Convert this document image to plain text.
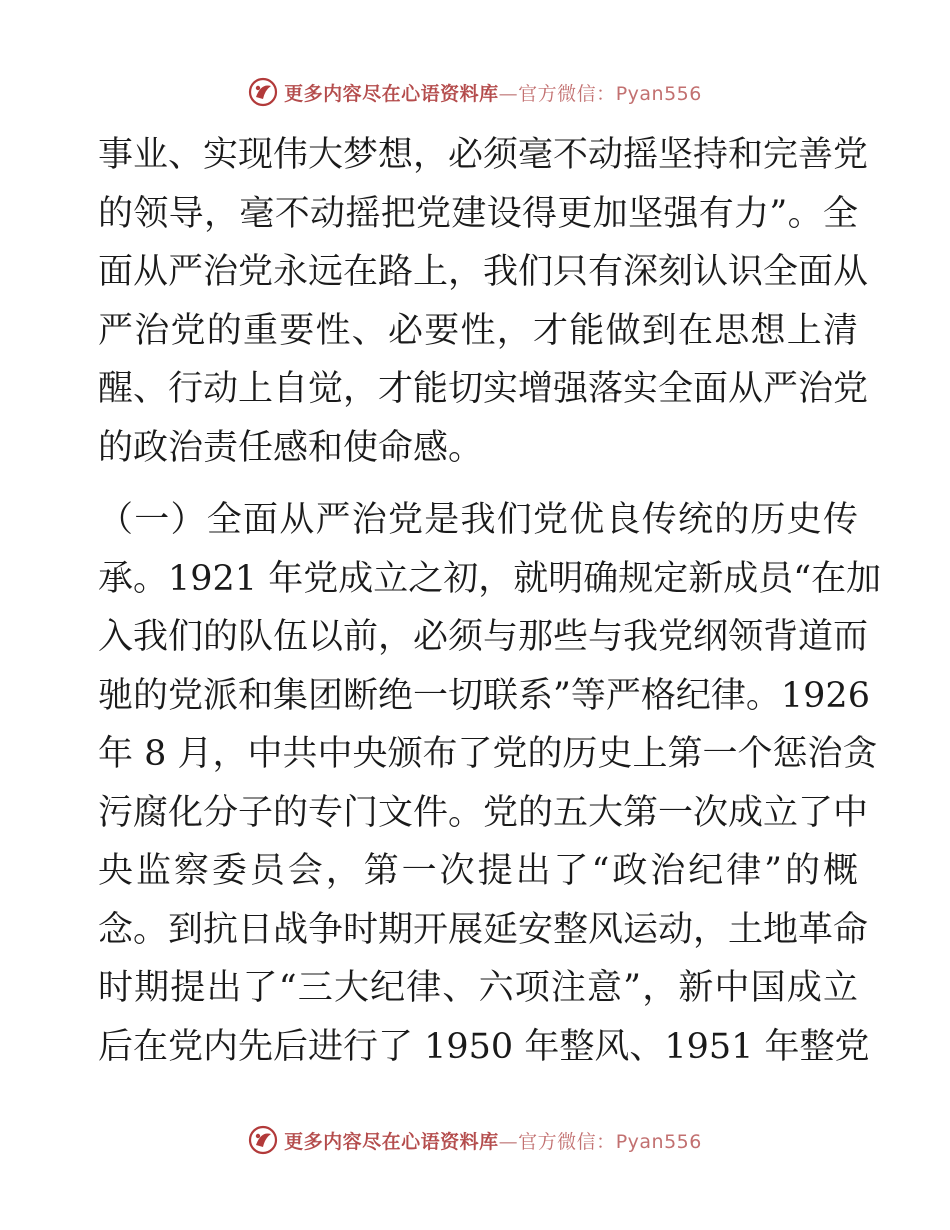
更多内容尽在心语资料库—官方微信：Pyan556
事业、实现伟大梦想，必须毫不动摇坚持和完善党
的领导，毫不动摇把党建设得更加坚强有力”。全
面从严治党永远在路上，我们只有深刻认识全面从
严治党的重要性、必要性，才能做到在思想上清
醒、行动上自觉，才能切实增强落实全面从严治党
的政治责任感和使命感。
（一）全面从严治党是我们党优良传统的历史传
承。1921 年党成立之初，就明确规定新成员“在加
入我们的队伍以前，必须与那些与我党纲领背道而
驰的党派和集团断绝一切联系”等严格纪律。1926
年 8 月，中共中央颁布了党的历史上第一个惩治贪
污腐化分子的专门文件。党的五大第一次成立了中
央监察委员会，第一次提出了“政治纪律”的概
念。到抗日战争时期开展延安整风运动，土地革命
时期提出了“三大纪律、六项注意”，新中国成立
后在党内先后进行了 1950 年整风、1951 年整党
更多内容尽在心语资料库—官方微信：Pyan556
